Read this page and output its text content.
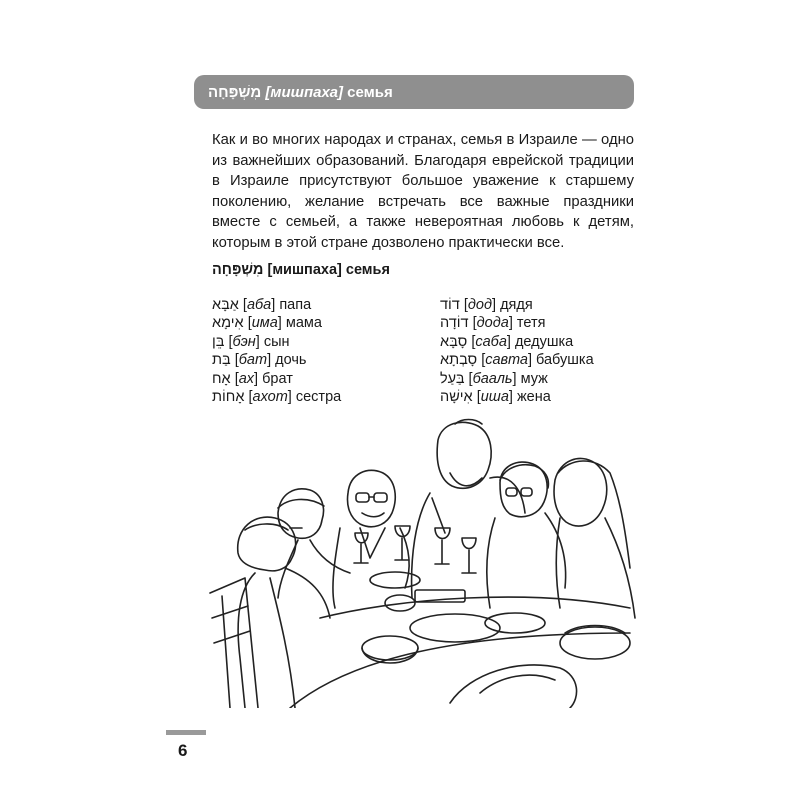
מִשְׁפָּחָה
[мишпаха]
семья

Как и во многих народах и странах, семья в Израиле — одно из важнейших образований. Благодаря еврейской традиции в Израиле присутствуют большое уважение к старшему поколению, желание встречать все важные праздники вместе с семьей, а также невероятная любовь к детям, которым в этой стране дозволено практически все.

מִשְׁפָּחָה [мишпаха] семья
אַבָּא [аба] папа
אִימָא [има] мама
בֵּן [бэн] сын
בַּת [бат] дочь
אָח [ах] брат
אָחוֹת [ахот] сестра
דוֹד [дод] дядя
דוֹדָה [дода] тетя
סָבָּא [саба] дедушка
סָבְתָא [савта] бабушка
בַּעַל [бааль] муж
אִישָׁה [иша] жена
6
